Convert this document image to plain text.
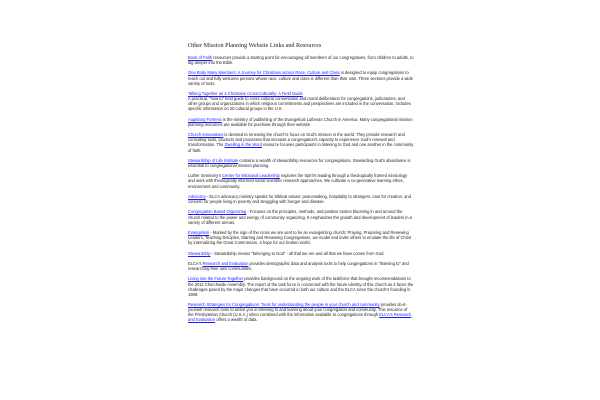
Other Mission Planning Website Links and Resources

Book of Faith resources provide a starting point for encouraging all members of our congregations, from children to adults, to dig deeper into the Bible.

One Body Many Members: A Journey for Christians across Race, Culture and Class is designed to equip congregations to reach out and fully welcome persons whose race, culture and class is different than their own. Three sections provide a wide variety of tools.

Talking Together as a Christians Cross-Culturally: A Field Guide
A practical, "how to" field guide to cross-cultural conversation and moral deliberation for congregations, judicatories, and other groups and organizations in which religious commitments and perspectives are included in the conversation. Includes specific information on 20 cultural groups in the U.S.

Augsburg Fortress is the ministry of publishing of the Evangelical Lutheran Church in America. Many congregational mission planning resources are available for purchase through their website.

Church Innovations is devoted to renewing the church's focus on God's mission in the world. They provide research and consulting tools, products and processes that increase a congregation's capacity to experience God's renewal and transformation. The Dwelling in the Word resource focuses participants in listening to God and one another in the community of faith.

Stewardship of Life Institute contains a wealth of stewardship resources for congregations. Stewarding God's abundance is essential to congregational mission planning.

Luther Seminary's Center for Missional Leadership explores the Spirit's leading through a theologically framed missiology and work with theologically informed social scientific research approaches. We cultivate a co-generative learning ethos, environment and community.

Advocacy - ELCA advocacy ministry speaks for biblical values: peacemaking, hospitality to strangers, care for creation, and concern for people living in poverty and struggling with hunger and disease.

Congregation Based Organizing - Focuses on the principles, methods, and positive stories blooming in and around the church related to the power and energy of community organizing. It emphasizes the growth and development of leaders in a variety of different arenas.

Evangelism - Marked by the sign of the cross we are sent to be an evangelizing church; Praying, Preparing and Renewing Leaders, Teaching Disciples, Starting and Renewing Congregations, we model and invite others to emulate the life of Christ by internalizing the Great Commission, a hope for our broken world.

Stewardship - Stewardship means "belonging to God" - all that we are and all that we have comes from God.

ELCA's Research and Evaluation provides demographic data and analysis tools to help congregations in "listening to" and researching their own communities.

Living into the Future Together provides background on the ongoing work of the taskforce that brought recommendations to the 2011 Churchwide Assembly. The report of the task force is concerned with the future identity of this church as it faces the challenges posed by the major changes that have occurred in both our culture and the ELCA since the church's founding in 1988.

Research Strategies for Congregations: Tools for understanding the people in your church and community provides do-it-yourself research tools to assist you in listening to and learning about your congregation and community. This resource of the Presbyterian Church (U.S.A.) when combined with the information available to congregations through ELCA's Research and Evaluation offers a wealth of data.
